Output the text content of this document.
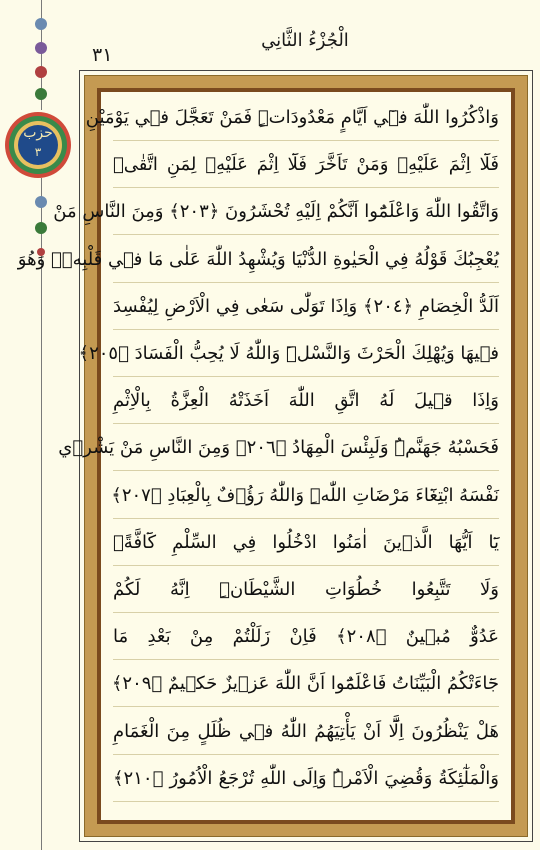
حزب
٣
الْجُزْءُ الثَّانِي
٣١
وَاذْكُرُوا اللّٰهَ ف۪ٓي اَيَّامٍ مَعْدُودَاتٍۜ فَمَنْ تَعَجَّلَ ف۪ي يَوْمَيْنِ
فَلَٓا اِثْمَ عَلَيْهِۚ وَمَنْ تَاَخَّرَ فَلَٓا اِثْمَ عَلَيْهِۙ لِمَنِ اتَّقٰىۜ
وَاتَّقُوا اللّٰهَ وَاعْلَمُٓوا اَنَّكُمْ اِلَيْهِ تُحْشَرُونَ ﴿٢٠٣﴾ وَمِنَ النَّاسِ مَنْ
يُعْجِبُكَ قَوْلُهُ فِي الْحَيٰوةِ الدُّنْيَا وَيُشْهِدُ اللّٰهَ عَلٰى مَا ف۪ي قَلْبِه۪ۙ وَهُوَ
اَلَدُّ الْخِصَامِ ﴿٢٠٤﴾ وَاِذَا تَوَلّٰى سَعٰى فِي الْاَرْضِ لِيُفْسِدَ
ف۪يهَا وَيُهْلِكَ الْحَرْثَ وَالنَّسْلَۜ وَاللّٰهُ لَا يُحِبُّ الْفَسَادَ ﴿٢٠٥﴾
وَاِذَا ق۪يلَ لَهُ اتَّقِ اللّٰهَ اَخَذَتْهُ الْعِزَّةُ بِالْاِثْمِ
فَحَسْبُهُ جَهَنَّمُۜ وَلَبِئْسَ الْمِهَادُ ﴿٢٠٦﴾ وَمِنَ النَّاسِ مَنْ يَشْر۪ي
نَفْسَهُ ابْتِغَٓاءَ مَرْضَاتِ اللّٰهِۜ وَاللّٰهُ رَؤُ۫فٌ بِالْعِبَادِ ﴿٢٠٧﴾
يَٓا اَيُّهَا الَّذ۪ينَ اٰمَنُوا ادْخُلُوا فِي السِّلْمِ كَٓافَّةًۖ
وَلَا تَتَّبِعُوا خُطُوَاتِ الشَّيْطَانِۜ اِنَّهُ لَكُمْ
عَدُوٌّ مُب۪ينٌ ﴿٢٠٨﴾ فَاِنْ زَلَلْتُمْ مِنْ بَعْدِ مَا
جَٓاءَتْكُمُ الْبَيِّنَاتُ فَاعْلَمُٓوا اَنَّ اللّٰهَ عَز۪يزٌ حَك۪يمٌ ﴿٢٠٩﴾
هَلْ يَنْظُرُونَ اِلَّٓا اَنْ يَأْتِيَهُمُ اللّٰهُ ف۪ي ظُلَلٍ مِنَ الْغَمَامِ
وَالْمَلٰٓئِكَةُ وَقُضِيَ الْاَمْرُۜ وَاِلَى اللّٰهِ تُرْجَعُ الْاُمُورُ ﴿٢١٠﴾
